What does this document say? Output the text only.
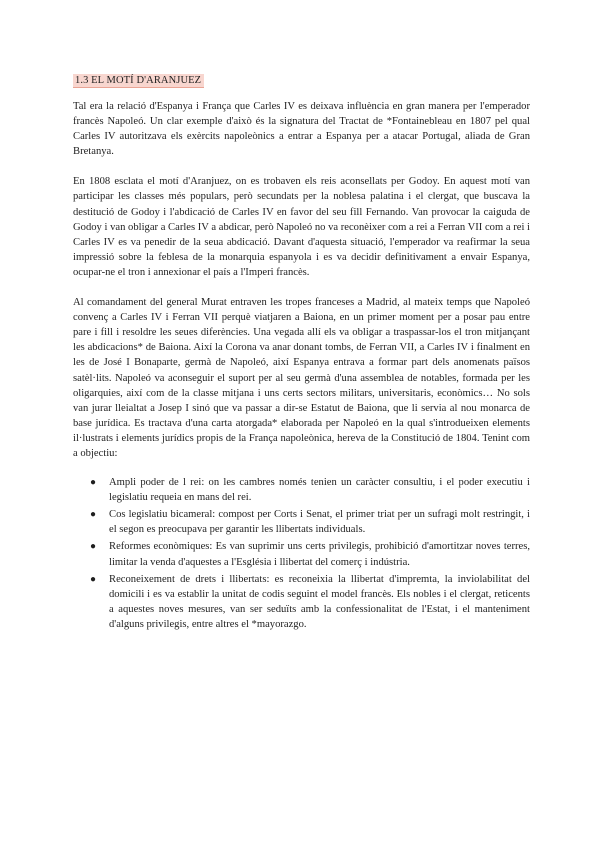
1.3 EL MOTÍ D'ARANJUEZ

Tal era la relació d'Espanya i França que Carles IV es deixava influència en gran manera per l'emperador francès Napoleó. Un clar exemple d'això és la signatura del Tractat de *Fontainebleau en 1807 pel qual Carles IV autoritzava els exèrcits napoleònics a entrar a Espanya per a atacar Portugal, aliada de Gran Bretanya.

En 1808 esclata el motí d'Aranjuez, on es trobaven els reis aconsellats per Godoy. En aquest motí van participar les classes més populars, però secundats per la noblesa palatina i el clergat, que buscava la destitució de Godoy i l'abdicació de Carles IV en favor del seu fill Fernando. Van provocar la caiguda de Godoy i van obligar a Carles IV a abdicar, però Napoleó no va reconèixer com a rei a Ferran VII com a rei i Carles IV es va penedir de la seua abdicació. Davant d'aquesta situació, l'emperador va reafirmar la seua impressió sobre la feblesa de la monarquia espanyola i es va decidir definitivament a envair Espanya, ocupar-ne el tron i annexionar el país a l'Imperi francès.

Al comandament del general Murat entraven les tropes franceses a Madrid, al mateix temps que Napoleó convenç a Carles IV i Ferran VII perquè viatjaren a Baiona, en un primer moment per a posar pau entre pare i fill i resoldre les seues diferències. Una vegada allí els va obligar a traspassar-los el tron mitjançant les abdicacions* de Baiona. Així la Corona va anar donant tombs, de Ferran VII, a Carles IV i finalment en les de José I Bonaparte, germà de Napoleó, així Espanya entrava a formar part dels anomenats països satèl·lits. Napoleó va aconseguir el suport per al seu germà d'una assemblea de notables, formada per les oligarquies, així com de la classe mitjana i uns certs sectors militars, universitaris, econòmics… No sols van jurar lleialtat a Josep I sinó que va passar a dir-se Estatut de Baiona, que li servia al nou monarca de base jurídica. Es tractava d'una carta atorgada* elaborada per Napoleó en la qual s'introdueixen elements il·lustrats i elements jurídics propis de la França napoleònica, hereva de la Constitució de 1804. Tenint com a objectiu:

● Ampli poder de l rei: on les cambres només tenien un caràcter consultiu, i el poder executiu i legislatiu requeia en mans del rei.
● Cos legislatiu bicameral: compost per Corts i Senat, el primer triat per un sufragi molt restringit, i el segon es preocupava per garantir les llibertats individuals.
● Reformes econòmiques: Es van suprimir uns certs privilegis, prohibició d'amortitzar noves terres, limitar la venda d'aquestes a l'Església i llibertat del comerç i indústria.
● Reconeixement de drets i llibertats: es reconeixia la llibertat d'impremta, la inviolabilitat del domicili i es va establir la unitat de codis seguint el model francès. Els nobles i el clergat, reticents a aquestes noves mesures, van ser seduïts amb la confessionalitat de l'Estat, i el manteniment d'alguns privilegis, entre altres el *mayorazgo.
